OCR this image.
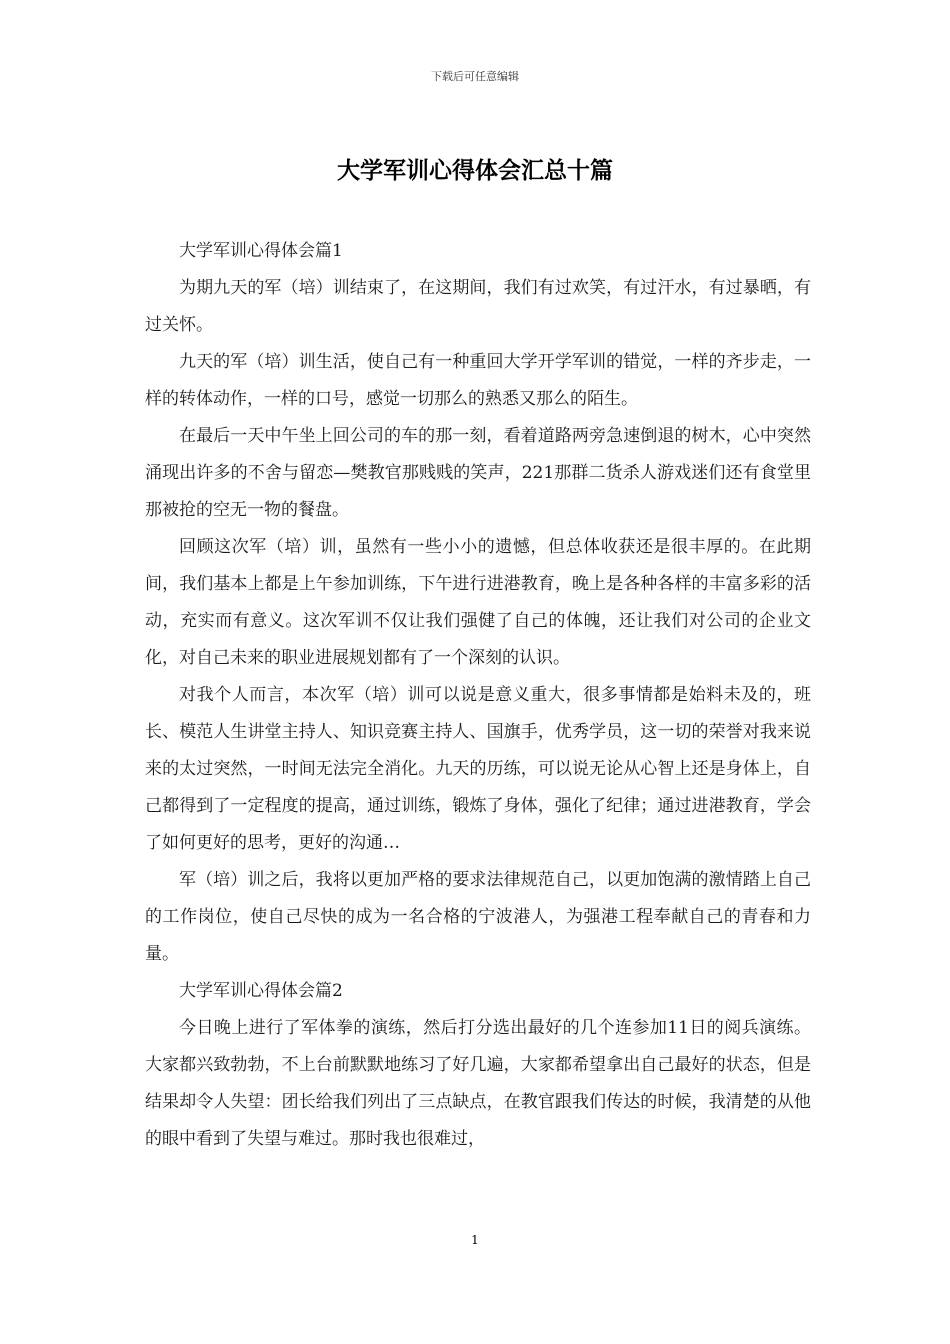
下载后可任意编辑
大学军训心得体会汇总十篇

大学军训心得体会篇1

为期九天的军（培）训结束了，在这期间，我们有过欢笑，有过汗水，有过暴晒，有过关怀。

九天的军（培）训生活，使自己有一种重回大学开学军训的错觉，一样的齐步走，一样的转体动作，一样的口号，感觉一切那么的熟悉又那么的陌生。

在最后一天中午坐上回公司的车的那一刻，看着道路两旁急速倒退的树木，心中突然涌现出许多的不舍与留恋—樊教官那贱贱的笑声，221那群二货杀人游戏迷们还有食堂里那被抢的空无一物的餐盘。

回顾这次军（培）训，虽然有一些小小的遗憾，但总体收获还是很丰厚的。在此期间，我们基本上都是上午参加训练，下午进行进港教育，晚上是各种各样的丰富多彩的活动，充实而有意义。这次军训不仅让我们强健了自己的体魄，还让我们对公司的企业文化，对自己未来的职业进展规划都有了一个深刻的认识。

对我个人而言，本次军（培）训可以说是意义重大，很多事情都是始料未及的，班长、模范人生讲堂主持人、知识竞赛主持人、国旗手，优秀学员，这一切的荣誉对我来说来的太过突然，一时间无法完全消化。九天的历练，可以说无论从心智上还是身体上，自己都得到了一定程度的提高，通过训练，锻炼了身体，强化了纪律；通过进港教育，学会了如何更好的思考，更好的沟通…

军（培）训之后，我将以更加严格的要求法律规范自己，以更加饱满的激情踏上自己的工作岗位，使自己尽快的成为一名合格的宁波港人，为强港工程奉献自己的青春和力量。

大学军训心得体会篇2

今日晚上进行了军体拳的演练，然后打分选出最好的几个连参加11日的阅兵演练。大家都兴致勃勃，不上台前默默地练习了好几遍，大家都希望拿出自己最好的状态，但是结果却令人失望：团长给我们列出了三点缺点，在教官跟我们传达的时候，我清楚的从他的眼中看到了失望与难过。那时我也很难过，

1
